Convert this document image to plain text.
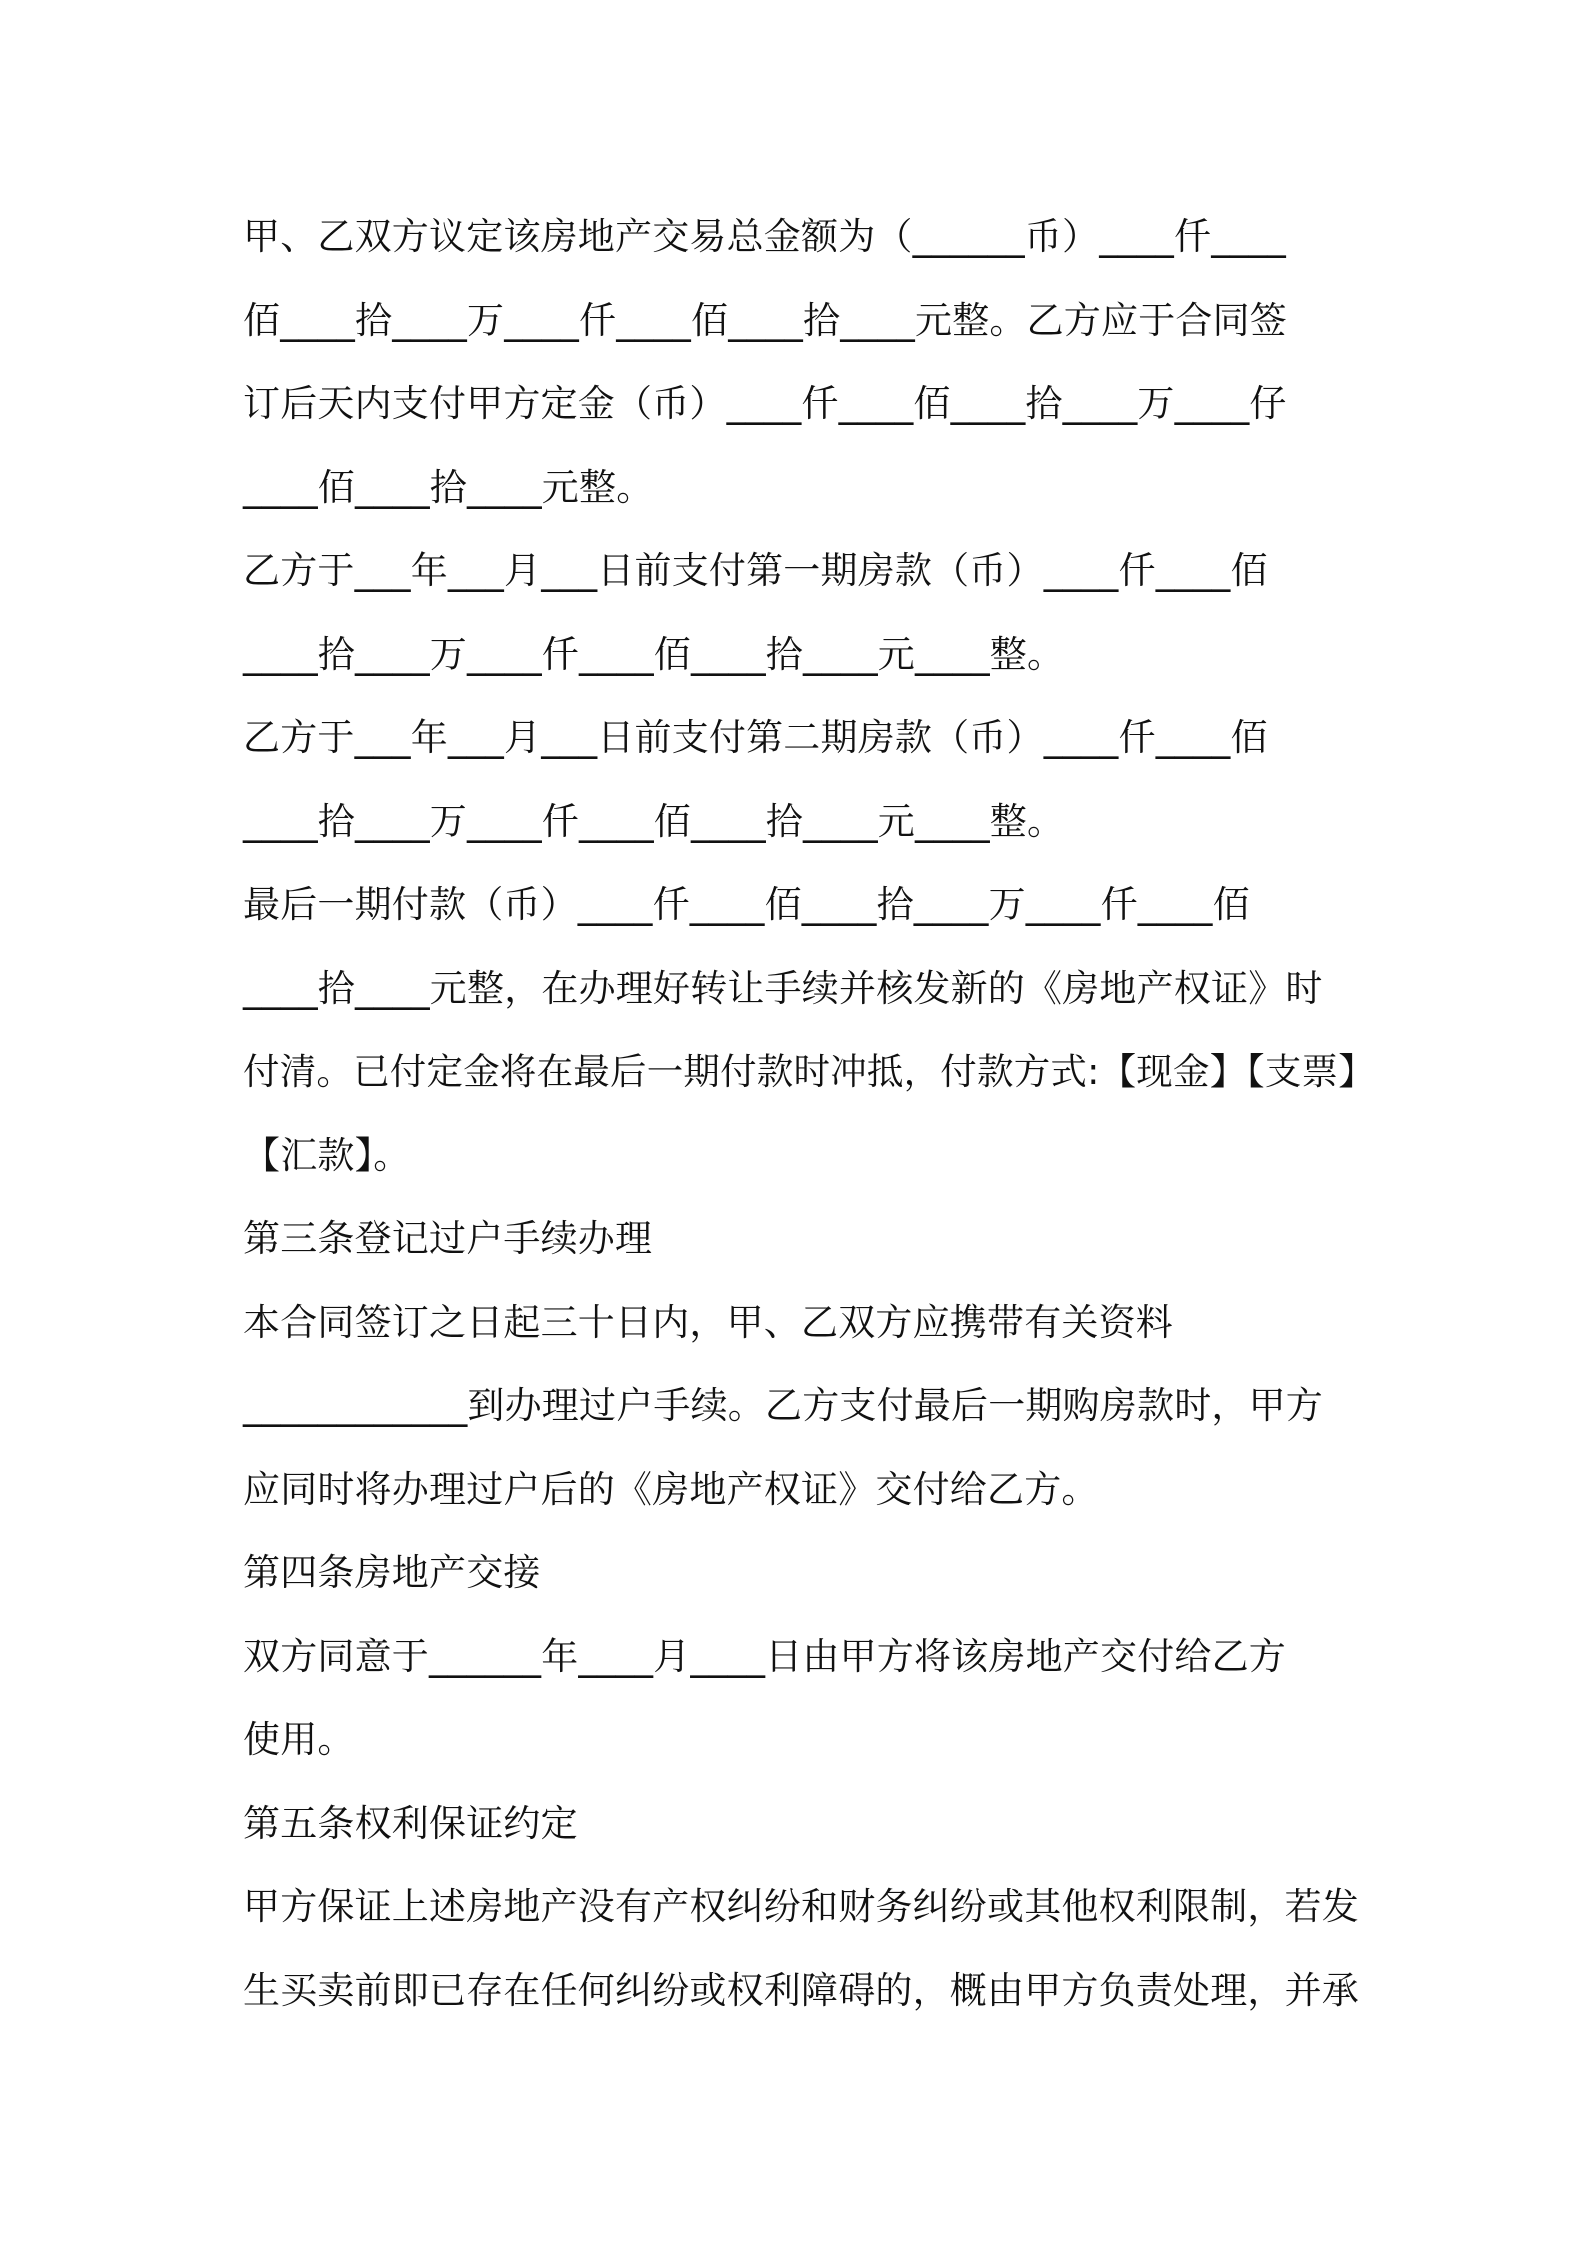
甲、乙双方议定该房地产交易总金额为（______币）____仟____
佰____拾____万____仟____佰____拾____元整。乙方应于合同签
订后天内支付甲方定金（币）____仟____佰____拾____万____仔
____佰____拾____元整。
乙方于___年___月___日前支付第一期房款（币）____仟____佰
____拾____万____仟____佰____拾____元____整。
乙方于___年___月___日前支付第二期房款（币）____仟____佰
____拾____万____仟____佰____拾____元____整。
最后一期付款（币）____仟____佰____拾____万____仟____佰
____拾____元整，在办理好转让手续并核发新的《房地产权证》时
付清。已付定金将在最后一期付款时冲抵，付款方式:【现金】【支票】
【汇款】。
第三条登记过户手续办理
本合同签订之日起三十日内，甲、乙双方应携带有关资料
____________到办理过户手续。乙方支付最后一期购房款时，甲方
应同时将办理过户后的《房地产权证》交付给乙方。
第四条房地产交接
双方同意于______年____月____日由甲方将该房地产交付给乙方
使用。
第五条权利保证约定
甲方保证上述房地产没有产权纠纷和财务纠纷或其他权利限制，若发
生买卖前即已存在任何纠纷或权利障碍的，概由甲方负责处理，并承
